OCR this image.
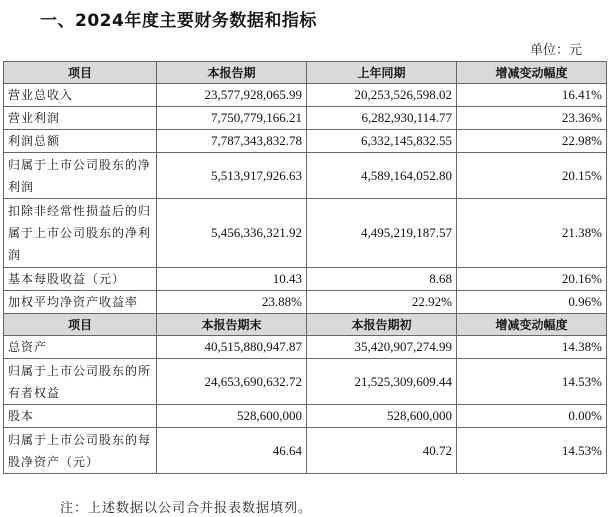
一、2024年度主要财务数据和指标
单位：元
项目	本报告期	上年同期	增减变动幅度
营业总收入	23,577,928,065.99	20,253,526,598.02	16.41%
营业利润	7,750,779,166.21	6,282,930,114.77	23.36%
利润总额	7,787,343,832.78	6,332,145,832.55	22.98%
归属于上市公司股东的净利润	5,513,917,926.63	4,589,164,052.80	20.15%
扣除非经常性损益后的归属于上市公司股东的净利润	5,456,336,321.92	4,495,219,187.57	21.38%
基本每股收益（元）	10.43	8.68	20.16%
加权平均净资产收益率	23.88%	22.92%	0.96%
项目	本报告期末	本报告期初	增减变动幅度
总资产	40,515,880,947.87	35,420,907,274.99	14.38%
归属于上市公司股东的所有者权益	24,653,690,632.72	21,525,309,609.44	14.53%
股本	528,600,000	528,600,000	0.00%
归属于上市公司股东的每股净资产（元）	46.64	40.72	14.53%
注：上述数据以公司合并报表数据填列。
